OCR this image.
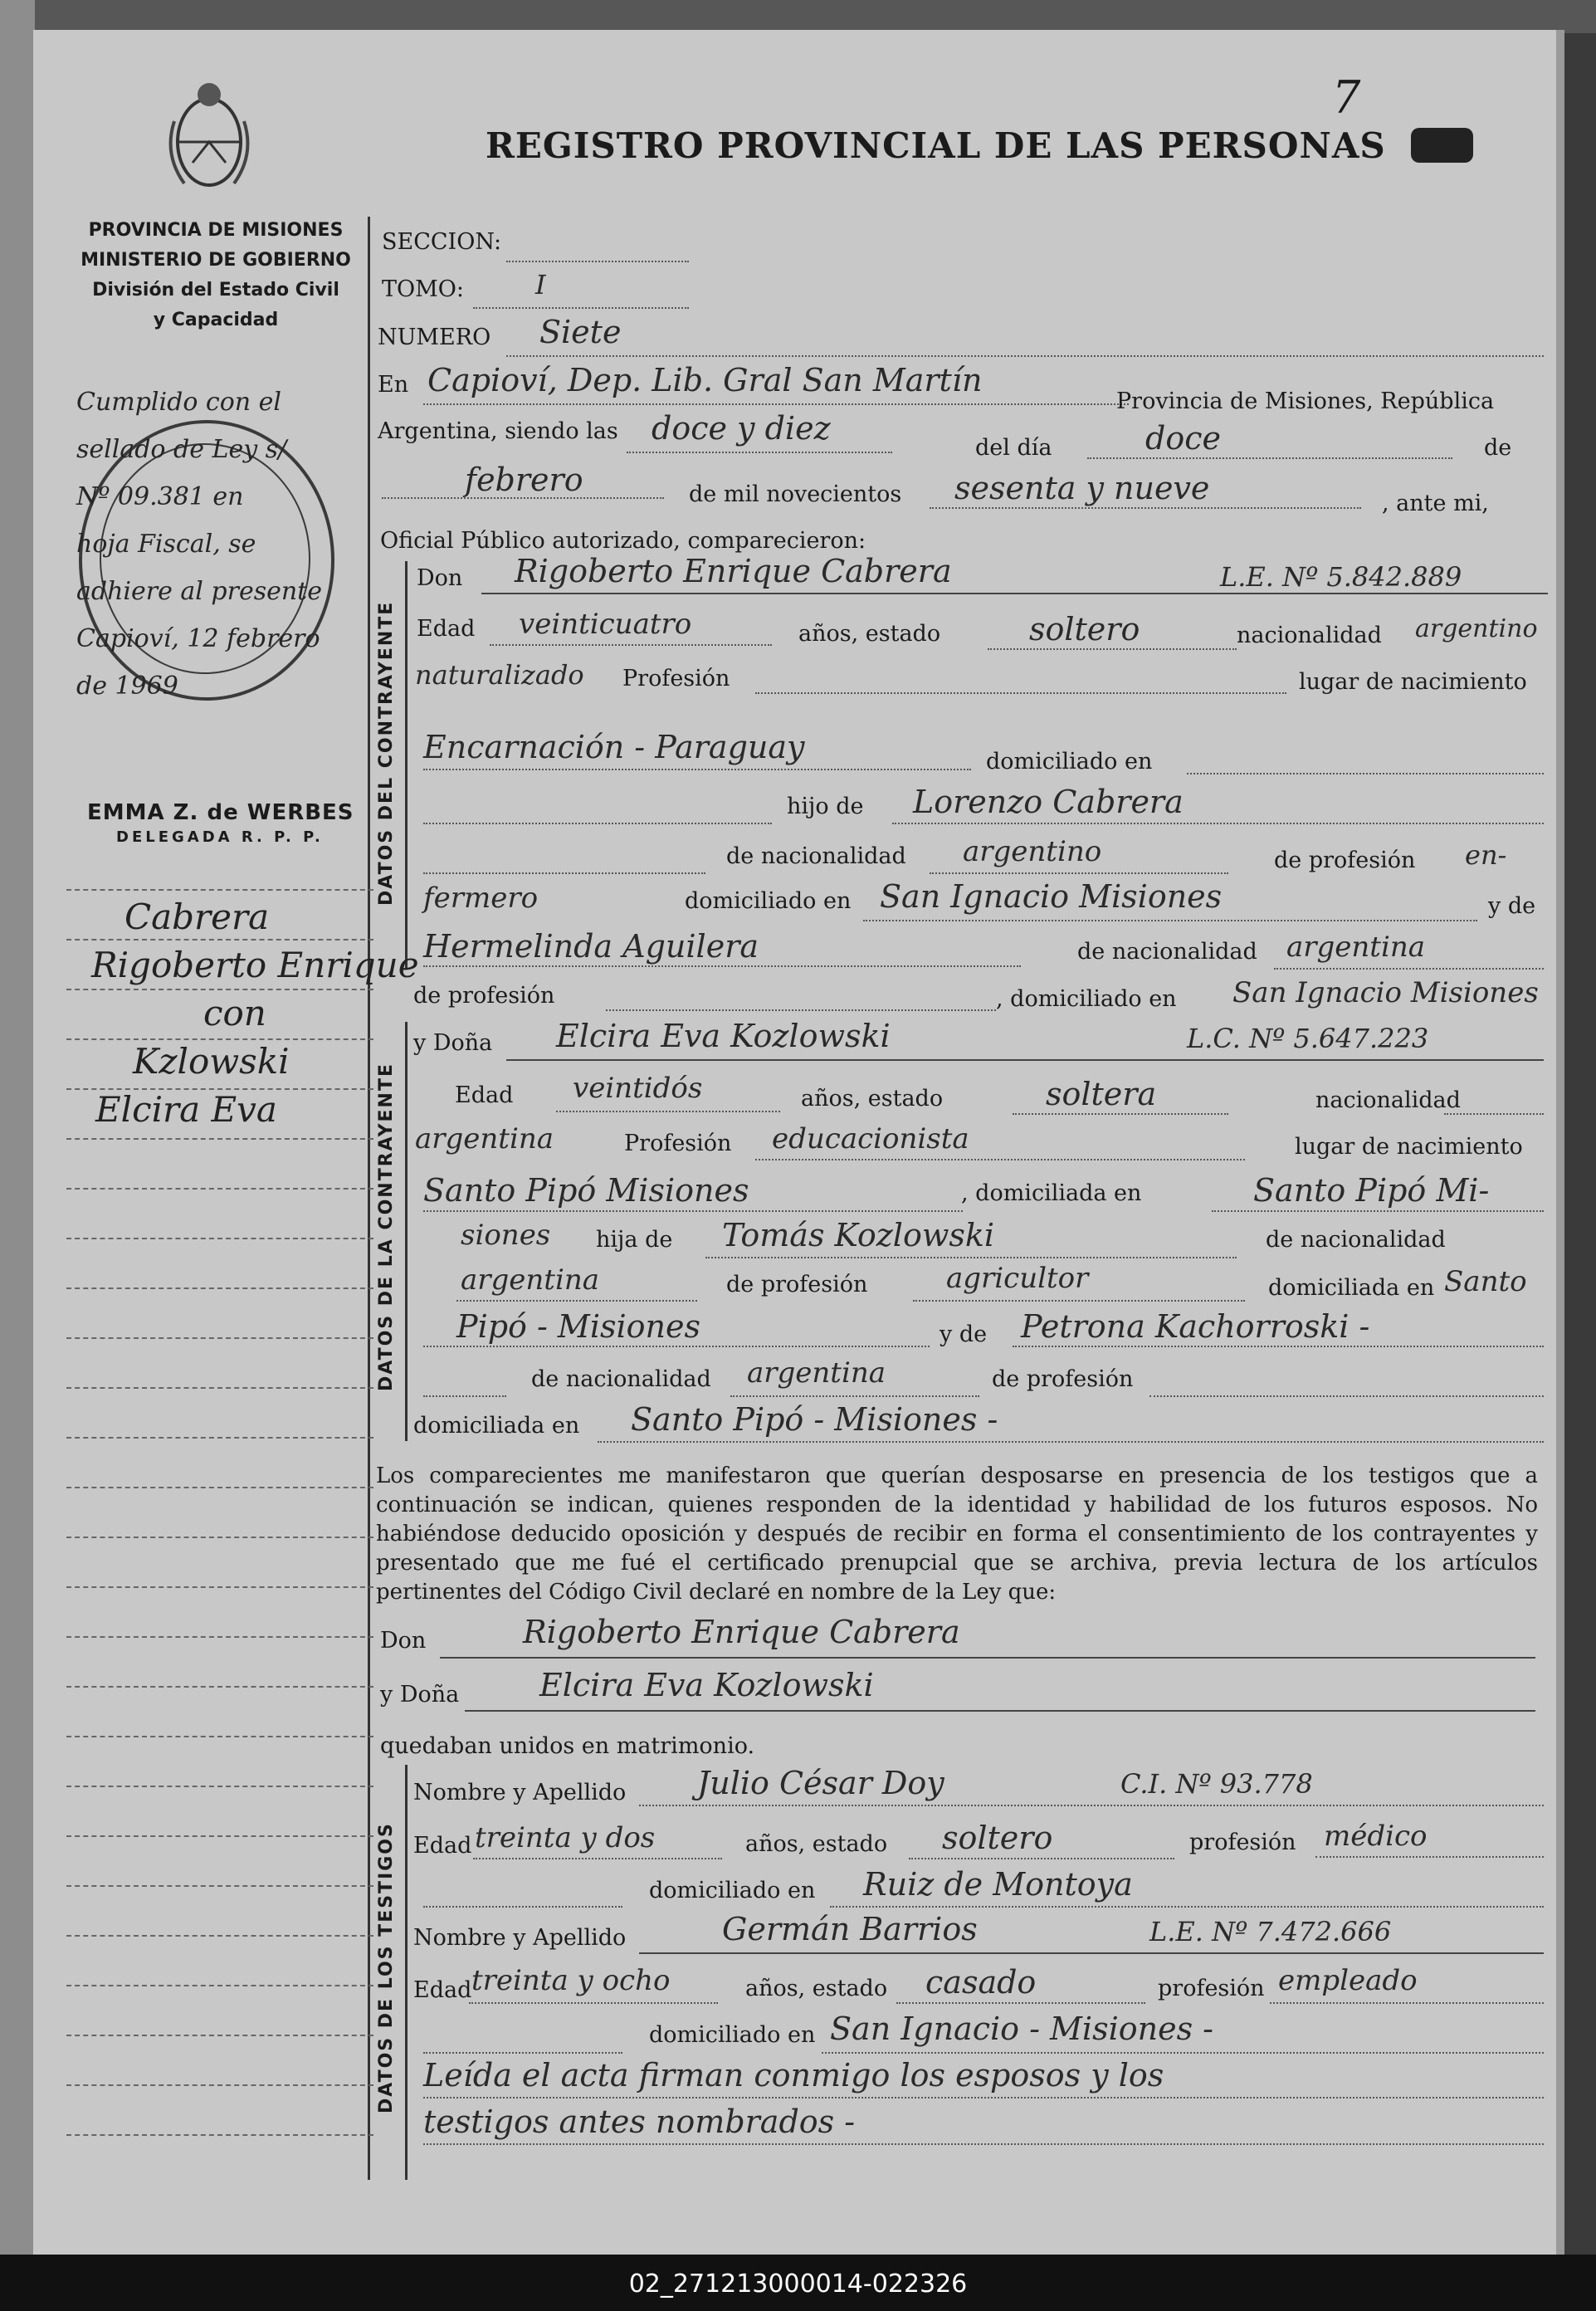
7
REGISTRO PROVINCIAL DE LAS PERSONAS
PROVINCIA DE MISIONES
MINISTERIO DE GOBIERNO
División del Estado Civil
y Capacidad
SECCION:
TOMO:	I
NUMERO Siete
En Capioví, Dep. Lib. Gral San Martín
Provincia de Misiones, República
Argentina, siendo las doce y diez
del día	doce	de
febrero	de mil novecientos sesenta y nueve	, ante mi,
Oficial Público autorizado, comparecieron:
DATOS DEL CONTRAYENTE
Don Rigoberto Enrique Cabrera	L.E. Nº 5.842.889
Edad veinticuatro	años, estado	soltero	nacionalidad argentino
naturalizado Profesión	lugar de nacimiento
Encarnación - Paraguay	domiciliado en
hijo de Lorenzo Cabrera
de nacionalidad argentino	de profesión en-
fermero	domiciliado en San Ignacio Misiones	y de
Hermelinda Aguilera	de nacionalidad argentina
de profesión	, domiciliado en San Ignacio Misiones
DATOS DE LA CONTRAYENTE
y Doña Elcira Eva Kozlowski	L.C. Nº 5.647.223
Edad veintidós	años, estado	soltera	nacionalidad
argentina	Profesión educacionista	lugar de nacimiento
Santo Pipó Misiones	, domiciliada en	Santo Pipó Mi-
siones hija de Tomás Kozlowski	de nacionalidad
argentina	de profesión	agricultor	domiciliada en Santo
Pipó - Misiones	y de Petrona Kachorroski -
de nacionalidad argentina	de profesión
domiciliada en Santo Pipó - Misiones -
Los comparecientes me manifestaron que querían desposarse en presencia de los testigos que a continuación se indican, quienes responden de la identidad y habilidad de los futuros esposos. No habiéndose deducido oposición y después de recibir en forma el consentimiento de los contrayentes y presentado que me fué el certificado prenupcial que se archiva, previa lectura de los artículos pertinentes del Código Civil declaré en nombre de la Ley que:
Don	Rigoberto Enrique Cabrera
y Doña	Elcira Eva Kozlowski
quedaban unidos en matrimonio.
DATOS DE LOS TESTIGOS
Nombre y Apellido Julio César Doy	C.I. Nº 93.778
Edad treinta y dos	años, estado soltero	profesión médico
domiciliado en Ruiz de Montoya
Nombre y Apellido	Germán Barrios	L.E. Nº 7.472.666
Edad treinta y ocho	años, estado casado	profesión empleado
domiciliado en San Ignacio - Misiones -
Leída el acta firman conmigo los esposos y los
testigos antes nombrados -
Cumplido con el
sellado de Ley s/
Nº 09.381 en
hoja Fiscal, se
adhiere al presente
Capioví, 12 febrero
de 1969
EMMA Z. de WERBES
DELEGADA R. P. P.
Cabrera
Rigoberto Enrique
con
Kzlowski
Elcira Eva
02_271213000014-022326
